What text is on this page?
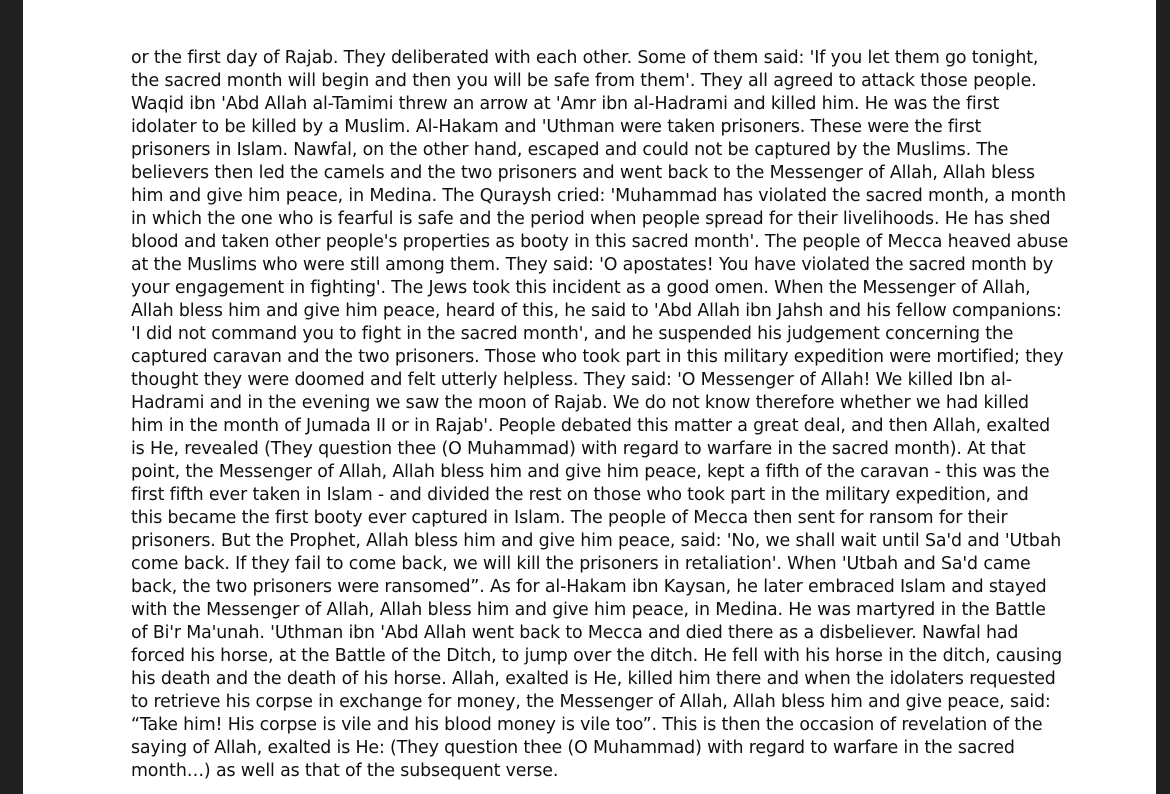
or the first day of Rajab. They deliberated with each other. Some of them said: 'If you let them go tonight,
the sacred month will begin and then you will be safe from them'. They all agreed to attack those people.
Waqid ibn 'Abd Allah al-Tamimi threw an arrow at 'Amr ibn al-Hadrami and killed him. He was the first
idolater to be killed by a Muslim. Al-Hakam and 'Uthman were taken prisoners. These were the first
prisoners in Islam. Nawfal, on the other hand, escaped and could not be captured by the Muslims. The
believers then led the camels and the two prisoners and went back to the Messenger of Allah, Allah bless
him and give him peace, in Medina. The Quraysh cried: 'Muhammad has violated the sacred month, a month
in which the one who is fearful is safe and the period when people spread for their livelihoods. He has shed
blood and taken other people's properties as booty in this sacred month'. The people of Mecca heaved abuse
at the Muslims who were still among them. They said: 'O apostates! You have violated the sacred month by
your engagement in fighting'. The Jews took this incident as a good omen. When the Messenger of Allah,
Allah bless him and give him peace, heard of this, he said to 'Abd Allah ibn Jahsh and his fellow companions:
'I did not command you to fight in the sacred month', and he suspended his judgement concerning the
captured caravan and the two prisoners. Those who took part in this military expedition were mortified; they
thought they were doomed and felt utterly helpless. They said: 'O Messenger of Allah! We killed Ibn al-
Hadrami and in the evening we saw the moon of Rajab. We do not know therefore whether we had killed
him in the month of Jumada II or in Rajab'. People debated this matter a great deal, and then Allah, exalted
is He, revealed (They question thee (O Muhammad) with regard to warfare in the sacred month). At that
point, the Messenger of Allah, Allah bless him and give him peace, kept a fifth of the caravan - this was the
first fifth ever taken in Islam - and divided the rest on those who took part in the military expedition, and
this became the first booty ever captured in Islam. The people of Mecca then sent for ransom for their
prisoners. But the Prophet, Allah bless him and give him peace, said: 'No, we shall wait until Sa'd and 'Utbah
come back. If they fail to come back, we will kill the prisoners in retaliation'. When 'Utbah and Sa'd came
back, the two prisoners were ransomed”. As for al-Hakam ibn Kaysan, he later embraced Islam and stayed
with the Messenger of Allah, Allah bless him and give him peace, in Medina. He was martyred in the Battle
of Bi'r Ma'unah. 'Uthman ibn 'Abd Allah went back to Mecca and died there as a disbeliever. Nawfal had
forced his horse, at the Battle of the Ditch, to jump over the ditch. He fell with his horse in the ditch, causing
his death and the death of his horse. Allah, exalted is He, killed him there and when the idolaters requested
to retrieve his corpse in exchange for money, the Messenger of Allah, Allah bless him and give peace, said:
“Take him! His corpse is vile and his blood money is vile too”. This is then the occasion of revelation of the
saying of Allah, exalted is He: (They question thee (O Muhammad) with regard to warfare in the sacred
month…) as well as that of the subsequent verse.
